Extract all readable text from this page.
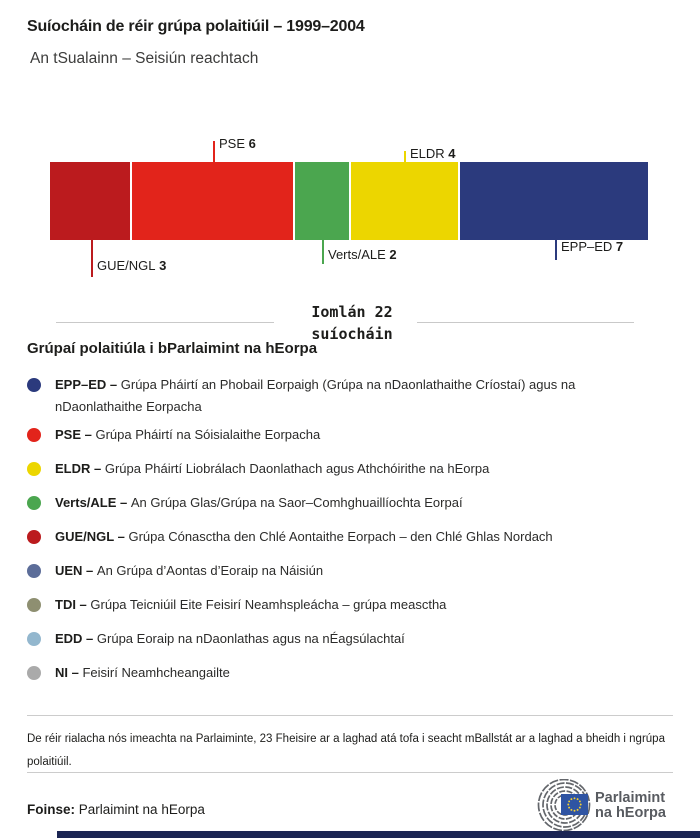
Suíocháin de réir grúpa polaitiúil – 1999–2004
An tSualainn – Seisiún reachtach
PSE 6
ELDR 4
GUE/NGL 3
Verts/ALE 2
EPP–ED 7
Iomlán 22
suíocháin
Grúpaí polaitiúla i bParlaimint na hEorpa
EPP–ED – Grúpa Pháirtí an Phobail Eorpaigh (Grúpa na nDaonlathaithe Críostaí) agus na nDaonlathaithe Eorpacha
PSE – Grúpa Pháirtí na Sóisialaithe Eorpacha
ELDR – Grúpa Pháirtí Liobrálach Daonlathach agus Athchóirithe na hEorpa
Verts/ALE – An Grúpa Glas/Grúpa na Saor–Comhghuaillíochta Eorpaí
GUE/NGL – Grúpa Cónasctha den Chlé Aontaithe Eorpach – den Chlé Ghlas Nordach
UEN – An Grúpa d’Aontas d’Eoraip na Náisiún
TDI – Grúpa Teicniúil Eite Feisirí Neamhspleácha – grúpa measctha
EDD – Grúpa Eoraip na nDaonlathas agus na nÉagsúlachtaí
NI – Feisirí Neamhcheangailte

De réir rialacha nós imeachta na Parlaiminte, 23 Fheisire ar a laghad atá tofa i seacht mBallstát ar a laghad a bheidh i ngrúpa polaitiúil.

Foinse: Parlaimint na hEorpa

Parlaimint
na hEorpa
